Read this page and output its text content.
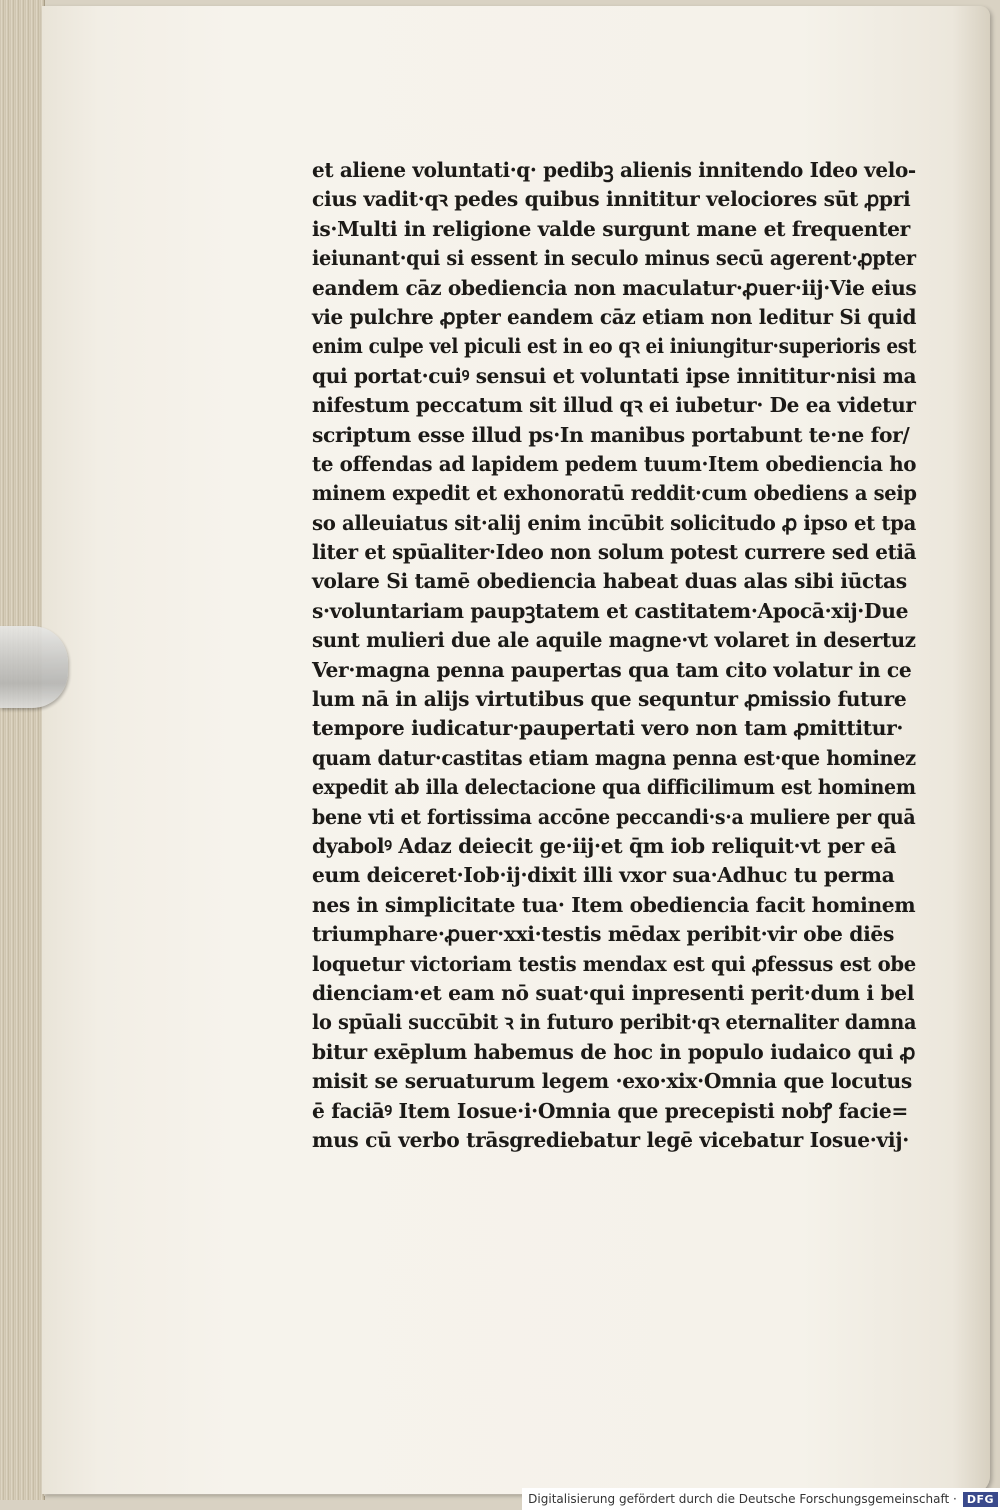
et aliene voluntati·q· pedibꝫ alienis innitendo Ideo velo-
cius vadit·qꝛ pedes quibus innititur velociores sūt ꝓpri
is·Multi in religione valde surgunt mane et frequenter
ieiunant·qui si essent in seculo minus secū agerent·ꝓpter
eandem cāz obediencia non maculatur·ꝓuer·iij·Vie eius
vie pulchre ꝓpter eandem cāz etiam non leditur Si quid
enim culpe vel piculi est in eo qꝛ ei iniungitur·superioris est
qui portat·cuiꝰ sensui et voluntati ipse innititur·nisi ma
nifestum peccatum sit illud qꝛ ei iubetur· De ea videtur
scriptum esse illud ps·In manibus portabunt te·ne for/
te offendas ad lapidem pedem tuum·Item obediencia ho
minem expedit et exhonoratū reddit·cum obediens a seip
so alleuiatus sit·alij enim incūbit solicitudo ꝓ ipso et tpa
liter et spūaliter·Ideo non solum potest currere sed etiā
volare Si tamē obediencia habeat duas alas sibi iūctas
s·voluntariam paupꝫtatem et castitatem·Apocā·xij·Due
sunt mulieri due ale aquile magne·vt volaret in desertuz
Ver·magna penna paupertas qua tam cito volatur in ce
lum nā in alijs virtutibus que sequntur ꝓmissio future
tempore iudicatur·paupertati vero non tam ꝓmittitur·
quam datur·castitas etiam magna penna est·que hominez
expedit ab illa delectacione qua difficilimum est hominem
bene vti et fortissima accōne peccandi·s·a muliere per quā
dyabolꝰ Adaz deiecit ge·iij·et q̄m iob reliquit·vt per eā
eum deiceret·Iob·ij·dixit illi vxor sua·Adhuc tu perma
nes in simplicitate tua· Item obediencia facit hominem
triumphare·ꝓuer·xxi·testis mēdax peribit·vir obe diēs
loquetur victoriam testis mendax est qui ꝓfessus est obe
dienciam·et eam nō suat·qui inpresenti perit·dum i bel
lo spūali succūbit ꝛ in futuro peribit·qꝛ eternaliter damna
bitur exēplum habemus de hoc in populo iudaico qui ꝓ
misit se seruaturum legem ·exo·xix·Omnia que locutus
ē faciāꝰ Item Iosue·i·Omnia que precepisti nobꝭ facie=
mus cū verbo trāsgrediebatur legē vicebatur Iosue·vij·
Digitalisierung gefördert durch die Deutsche Forschungsgemeinschaft · DFG
